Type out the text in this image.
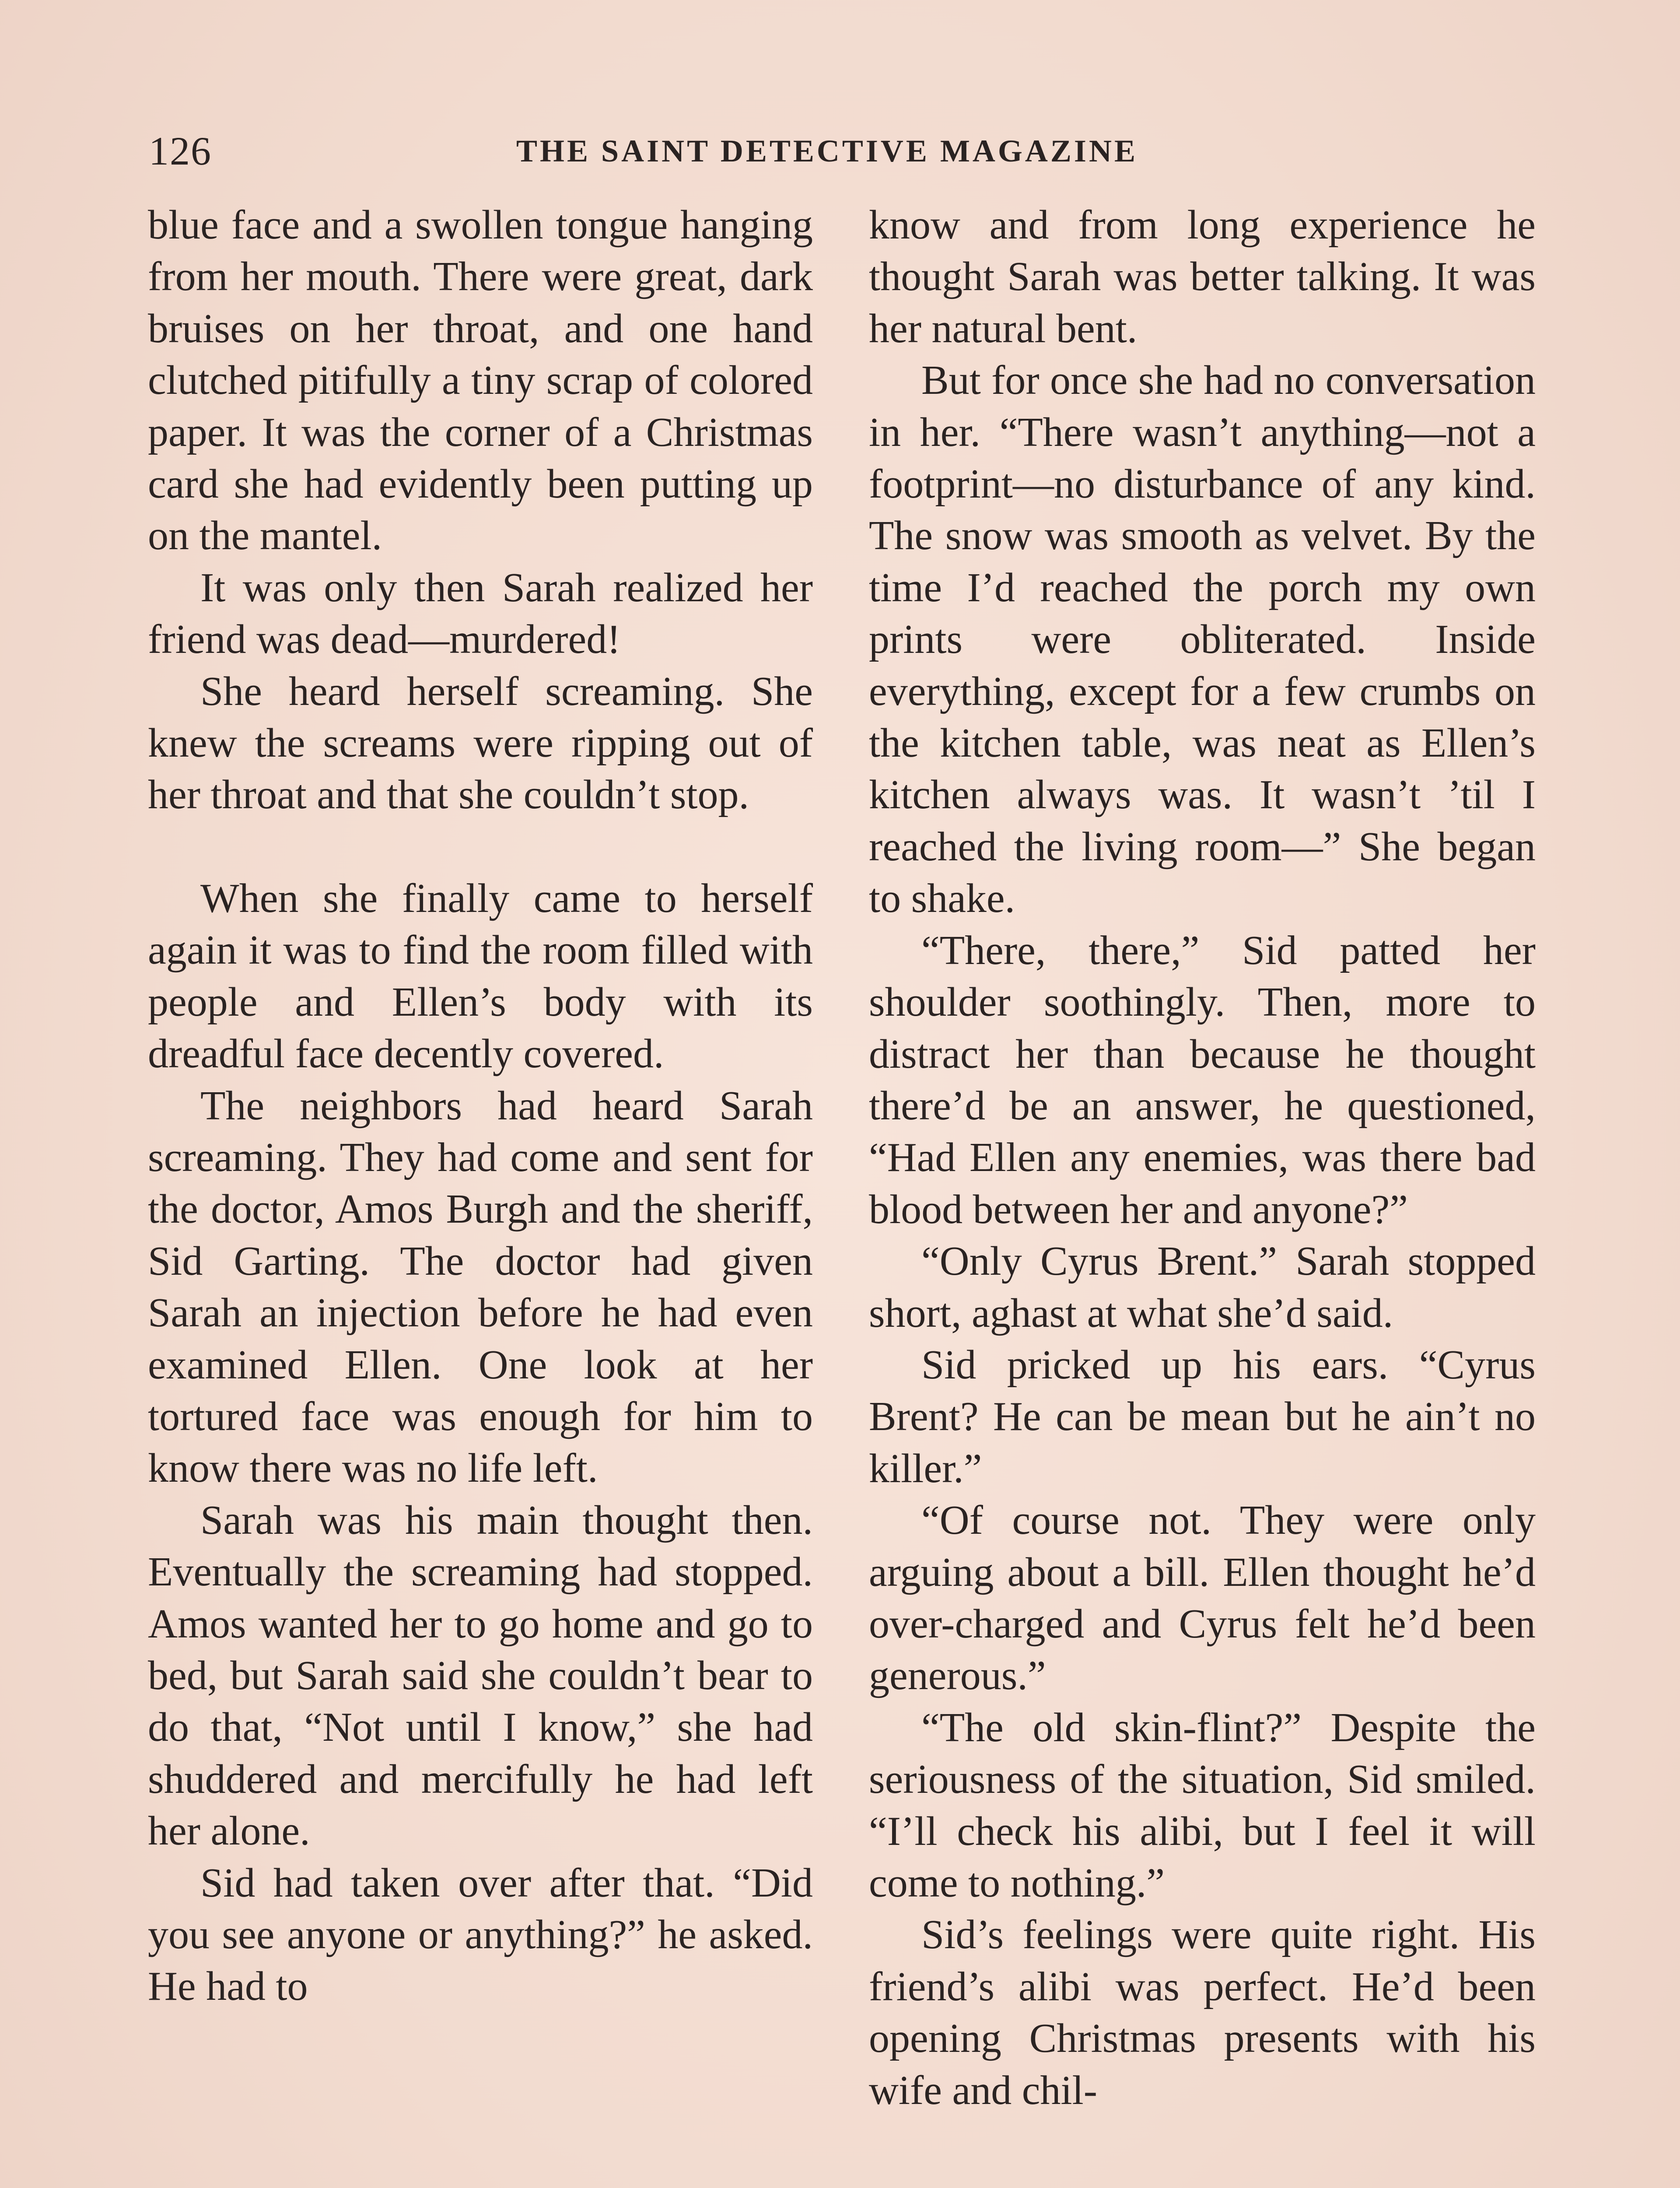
126	THE SAINT DETECTIVE MAGAZINE

blue face and a swollen tongue hanging from her mouth. There were great, dark bruises on her throat, and one hand clutched pitifully a tiny scrap of colored paper. It was the corner of a Christmas card she had evidently been putting up on the mantel.

It was only then Sarah realized her friend was dead—murdered!

She heard herself screaming. She knew the screams were ripping out of her throat and that she couldn’t stop.

When she finally came to herself again it was to find the room filled with people and Ellen’s body with its dreadful face decently covered.

The neighbors had heard Sarah screaming. They had come and sent for the doctor, Amos Burgh and the sheriff, Sid Garting. The doctor had given Sarah an injection before he had even examined Ellen. One look at her tortured face was enough for him to know there was no life left.

Sarah was his main thought then. Eventually the screaming had stopped. Amos wanted her to go home and go to bed, but Sarah said she couldn’t bear to do that, “Not until I know,” she had shuddered and mercifully he had left her alone.

Sid had taken over after that. “Did you see anyone or anything?” he asked. He had to

know and from long experience he thought Sarah was better talking. It was her natural bent.

But for once she had no conversation in her. “There wasn’t anything—not a footprint—no disturbance of any kind. The snow was smooth as velvet. By the time I’d reached the porch my own prints were obliterated. Inside everything, except for a few crumbs on the kitchen table, was neat as Ellen’s kitchen always was. It wasn’t ’til I reached the living room—” She began to shake.

“There, there,” Sid patted her shoulder soothingly. Then, more to distract her than because he thought there’d be an answer, he questioned, “Had Ellen any enemies, was there bad blood between her and anyone?”

“Only Cyrus Brent.” Sarah stopped short, aghast at what she’d said.

Sid pricked up his ears. “Cyrus Brent? He can be mean but he ain’t no killer.”

“Of course not. They were only arguing about a bill. Ellen thought he’d over-charged and Cyrus felt he’d been generous.”

“The old skin-flint?” Despite the seriousness of the situation, Sid smiled. “I’ll check his alibi, but I feel it will come to nothing.”

Sid’s feelings were quite right. His friend’s alibi was perfect. He’d been opening Christmas presents with his wife and chil-
